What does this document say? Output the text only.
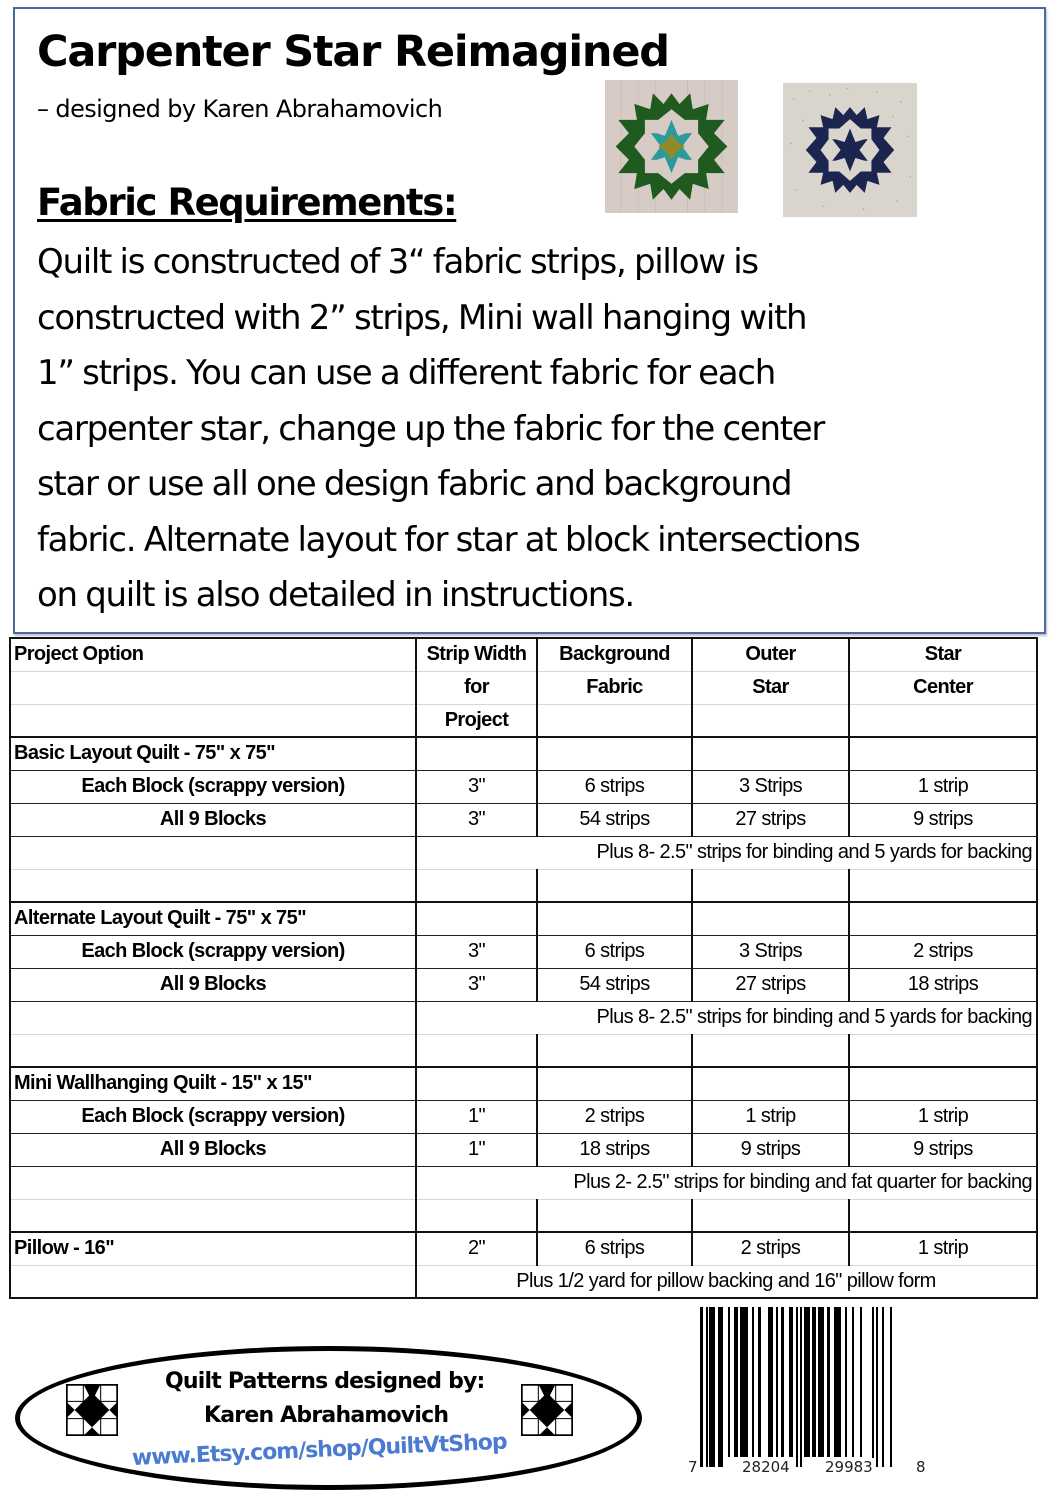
Carpenter Star Reimagined
– designed by Karen Abrahamovich
Fabric Requirements:
Quilt is constructed of 3“ fabric strips, pillow is
constructed with 2” strips, Mini wall hanging with
1” strips. You can use a different fabric for each
carpenter star, change up the fabric for the center
star or use all one design fabric and background
fabric. Alternate layout for star at block intersections
on quilt is also detailed in instructions.
Project Option	Strip Width	Background	Outer	Star
	for	Fabric	Star	Center
	Project			
Basic Layout Quilt - 75" x 75"				
Each Block (scrappy version)	3"	6 strips	3 Strips	1 strip
All 9 Blocks	3"	54 strips	27 strips	9 strips
	Plus 8- 2.5" strips for binding and 5 yards for backing			

Alternate Layout Quilt - 75" x 75"				
Each Block (scrappy version)	3"	6 strips	3 Strips	2 strips
All 9 Blocks	3"	54 strips	27 strips	18 strips
	Plus 8- 2.5" strips for binding and 5 yards for backing			

Mini Wallhanging Quilt - 15" x 15"				
Each Block (scrappy version)	1"	2 strips	1 strip	1 strip
All 9 Blocks	1"	18 strips	9 strips	9 strips
	Plus 2- 2.5" strips for binding and fat quarter for backing			

Pillow - 16"	2"	6 strips	2 strips	1 strip
	Plus 1/2 yard for pillow backing and 16" pillow form			
Quilt Patterns designed by:
Karen Abrahamovich
www.Etsy.com/shop/QuiltVtShop	7	28204 29983	8
